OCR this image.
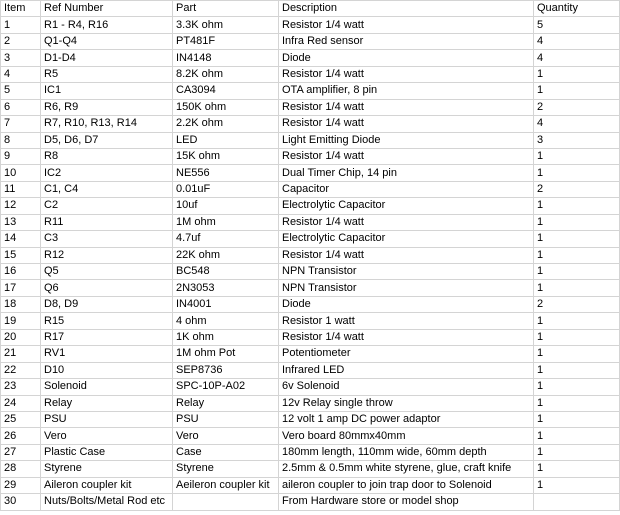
Item	Ref Number	Part	Description	Quantity
1	R1 - R4, R16	3.3K ohm	Resistor 1/4 watt	5
2	Q1-Q4	PT481F	Infra Red sensor	4
3	D1-D4	IN4148	Diode	4
4	R5	8.2K ohm	Resistor 1/4 watt	1
5	IC1	CA3094	OTA amplifier, 8 pin	1
6	R6, R9	150K ohm	Resistor 1/4 watt	2
7	R7, R10, R13, R14	2.2K ohm	Resistor 1/4 watt	4
8	D5, D6, D7	LED	Light Emitting Diode	3
9	R8	15K ohm	Resistor 1/4 watt	1
10	IC2	NE556	Dual Timer Chip, 14 pin	1
11	C1, C4	0.01uF	Capacitor	2
12	C2	10uf	Electrolytic Capacitor	1
13	R11	1M ohm	Resistor 1/4 watt	1
14	C3	4.7uf	Electrolytic Capacitor	1
15	R12	22K ohm	Resistor 1/4 watt	1
16	Q5	BC548	NPN Transistor	1
17	Q6	2N3053	NPN Transistor	1
18	D8, D9	IN4001	Diode	2
19	R15	4 ohm	Resistor 1 watt	1
20	R17	1K ohm	Resistor 1/4 watt	1
21	RV1	1M ohm Pot	Potentiometer	1
22	D10	SEP8736	Infrared LED	1
23	Solenoid	SPC-10P-A02	6v Solenoid	1
24	Relay	Relay	12v Relay single throw	1
25	PSU	PSU	12 volt 1 amp DC power adaptor	1
26	Vero	Vero	Vero board 80mmx40mm	1
27	Plastic Case	Case	180mm length, 110mm wide, 60mm depth	1
28	Styrene	Styrene	2.5mm & 0.5mm white styrene, glue, craft knife	1
29	Aileron coupler kit	Aeileron coupler kit	aileron coupler to join trap door to Solenoid	1
30	Nuts/Bolts/Metal Rod etc		From Hardware store or model shop	
